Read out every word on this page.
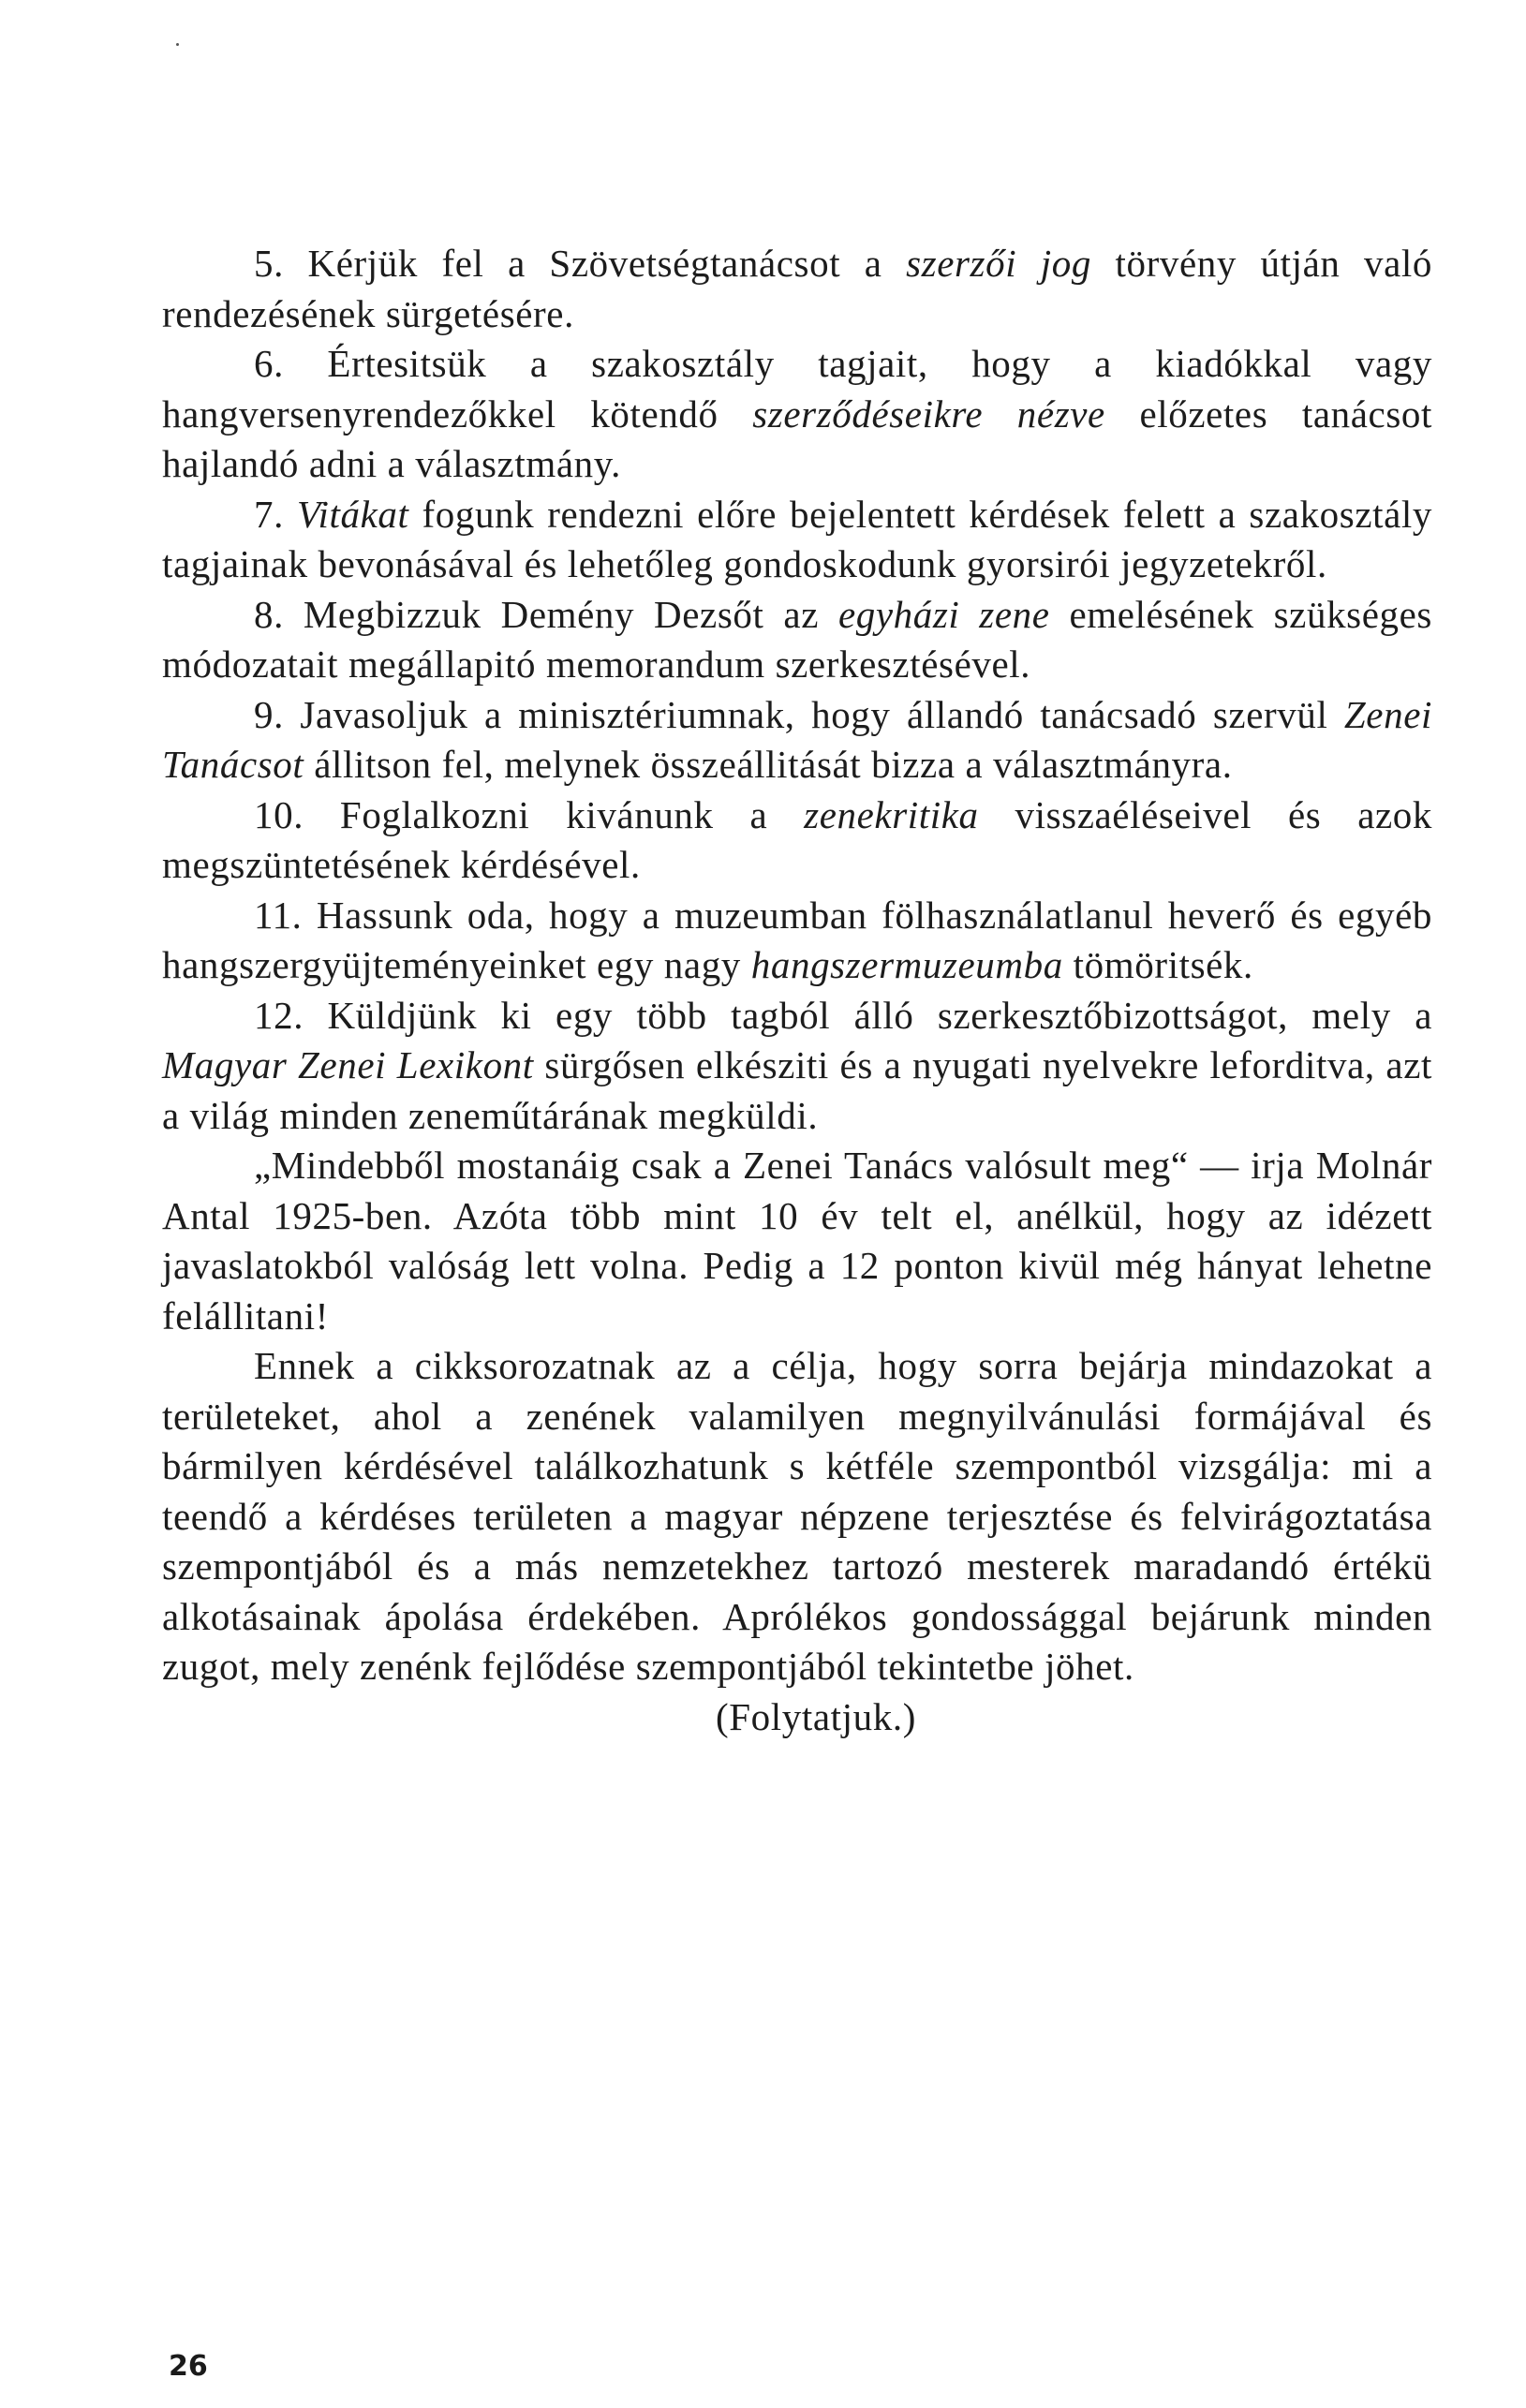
5. Kérjük fel a Szövetségtanácsot a szerzői jog törvény útján való rendezésének sürgetésére.

6. Értesitsük a szakosztály tagjait, hogy a kiadókkal vagy hangversenyrendezőkkel kötendő szerződéseikre nézve előzetes tanácsot hajlandó adni a választmány.

7. Vitákat fogunk rendezni előre bejelentett kérdések felett a szakosztály tagjainak bevonásával és lehetőleg gondoskodunk gyorsirói jegyzetekről.

8. Megbizzuk Demény Dezsőt az egyházi zene emelésének szükséges módozatait megállapitó memorandum szerkesztésével.

9. Javasoljuk a minisztériumnak, hogy állandó tanácsadó szervül Zenei Tanácsot állitson fel, melynek összeállitását bizza a választmányra.

10. Foglalkozni kivánunk a zenekritika visszaéléseivel és azok megszüntetésének kérdésével.

11. Hassunk oda, hogy a muzeumban fölhasználatlanul heverő és egyéb hangszergyüjteményeinket egy nagy hangszermuzeumba tömöritsék.

12. Küldjünk ki egy több tagból álló szerkesztőbizottságot, mely a Magyar Zenei Lexikont sürgősen elkésziti és a nyugati nyelvekre leforditva, azt a világ minden zeneműtárának megküldi.

„Mindebből mostanáig csak a Zenei Tanács valósult meg“ — irja Molnár Antal 1925-ben. Azóta több mint 10 év telt el, anélkül, hogy az idézett javaslatokból valóság lett volna. Pedig a 12 ponton kivül még hányat lehetne felállitani!

Ennek a cikksorozatnak az a célja, hogy sorra bejárja mindazokat a területeket, ahol a zenének valamilyen megnyilvánulási formájával és bármilyen kérdésével találkozhatunk s kétféle szempontból vizsgálja: mi a teendő a kérdéses területen a magyar népzene terjesztése és felvirágoztatása szempontjából és a más nemzetekhez tartozó mesterek maradandó értékü alkotásainak ápolása érdekében. Aprólékos gondossággal bejárunk minden zugot, mely zenénk fejlődése szempontjából tekintetbe jöhet.

(Folytatjuk.)

26
